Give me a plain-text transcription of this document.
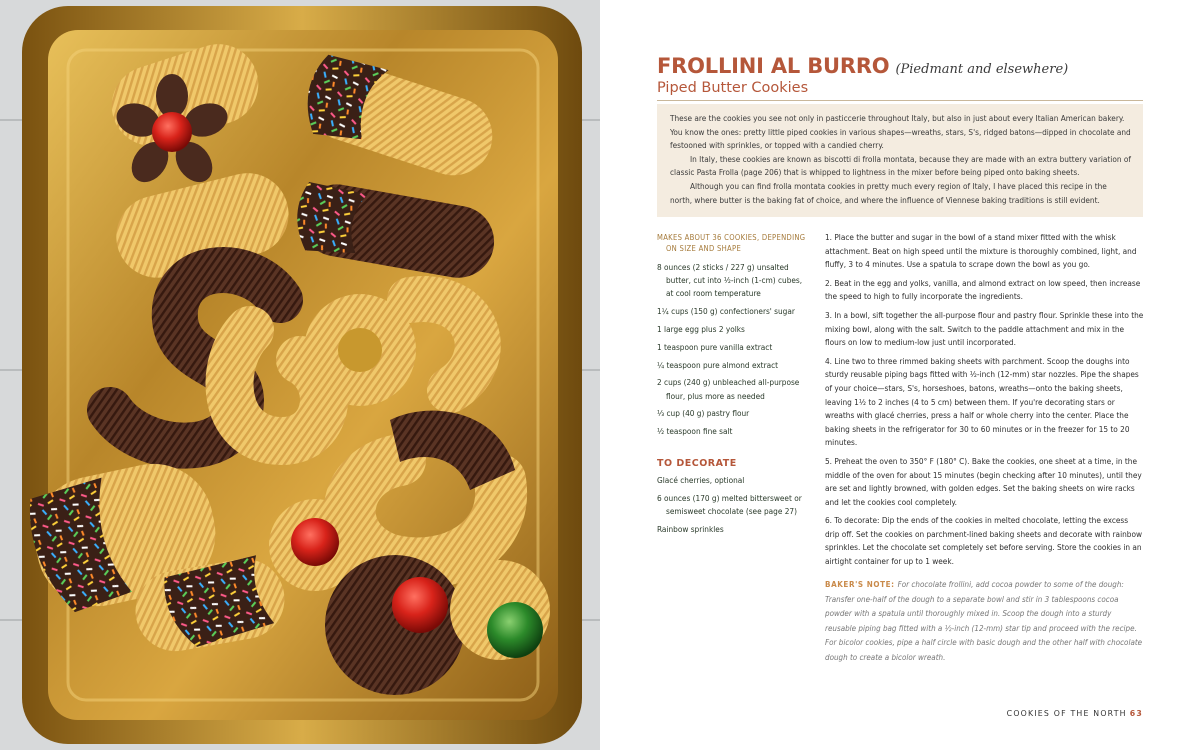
FROLLINI AL BURRO (Piedmant and elsewhere)
Piped Butter Cookies

These are the cookies you see not only in pasticcerie throughout Italy, but also in just about every Italian American bakery. You know the ones: pretty little piped cookies in various shapes—wreaths, stars, S's, ridged batons—dipped in chocolate and festooned with sprinkles, or topped with a candied cherry.

In Italy, these cookies are known as biscotti di frolla montata, because they are made with an extra buttery variation of classic Pasta Frolla (page 206) that is whipped to lightness in the mixer before being piped onto baking sheets.

Although you can find frolla montata cookies in pretty much every region of Italy, I have placed this recipe in the north, where butter is the baking fat of choice, and where the influence of Viennese baking traditions is still evident.

MAKES ABOUT 36 COOKIES, DEPENDING ON SIZE AND SHAPE
8 ounces (2 sticks / 227 g) unsalted butter, cut into ½-inch (1-cm) cubes, at cool room temperature
1¼ cups (150 g) confectioners' sugar
1 large egg plus 2 yolks
1 teaspoon pure vanilla extract
¼ teaspoon pure almond extract
2 cups (240 g) unbleached all-purpose flour, plus more as needed
⅓ cup (40 g) pastry flour
½ teaspoon fine salt
TO DECORATE
Glacé cherries, optional
6 ounces (170 g) melted bittersweet or semisweet chocolate (see page 27)
Rainbow sprinkles
1. Place the butter and sugar in the bowl of a stand mixer fitted with the whisk attachment. Beat on high speed until the mixture is thoroughly combined, light, and fluffy, 3 to 4 minutes. Use a spatula to scrape down the bowl as you go.
2. Beat in the egg and yolks, vanilla, and almond extract on low speed, then increase the speed to high to fully incorporate the ingredients.
3. In a bowl, sift together the all-purpose flour and pastry flour. Sprinkle these into the mixing bowl, along with the salt. Switch to the paddle attachment and mix in the flours on low to medium-low just until incorporated.
4. Line two to three rimmed baking sheets with parchment. Scoop the doughs into sturdy reusable piping bags fitted with ½-inch (12-mm) star nozzles. Pipe the shapes of your choice—stars, S's, horseshoes, batons, wreaths—onto the baking sheets, leaving 1½ to 2 inches (4 to 5 cm) between them. If you're decorating stars or wreaths with glacé cherries, press a half or whole cherry into the center. Place the baking sheets in the refrigerator for 30 to 60 minutes or in the freezer for 15 to 20 minutes.
5. Preheat the oven to 350° F (180° C). Bake the cookies, one sheet at a time, in the middle of the oven for about 15 minutes (begin checking after 10 minutes), until they are set and lightly browned, with golden edges. Set the baking sheets on wire racks and let the cookies cool completely.
6. To decorate: Dip the ends of the cookies in melted chocolate, letting the excess drip off. Set the cookies on parchment-lined baking sheets and decorate with rainbow sprinkles. Let the chocolate set completely set before serving. Store the cookies in an airtight container for up to 1 week.
BAKER'S NOTE: For chocolate frollini, add cocoa powder to some of the dough: Transfer one-half of the dough to a separate bowl and stir in 3 tablespoons cocoa powder with a spatula until thoroughly mixed in. Scoop the dough into a sturdy reusable piping bag fitted with a ½-inch (12-mm) star tip and proceed with the recipe. For bicolor cookies, pipe a half circle with basic dough and the other half with chocolate dough to create a bicolor wreath.
COOKIES OF THE NORTH 63
